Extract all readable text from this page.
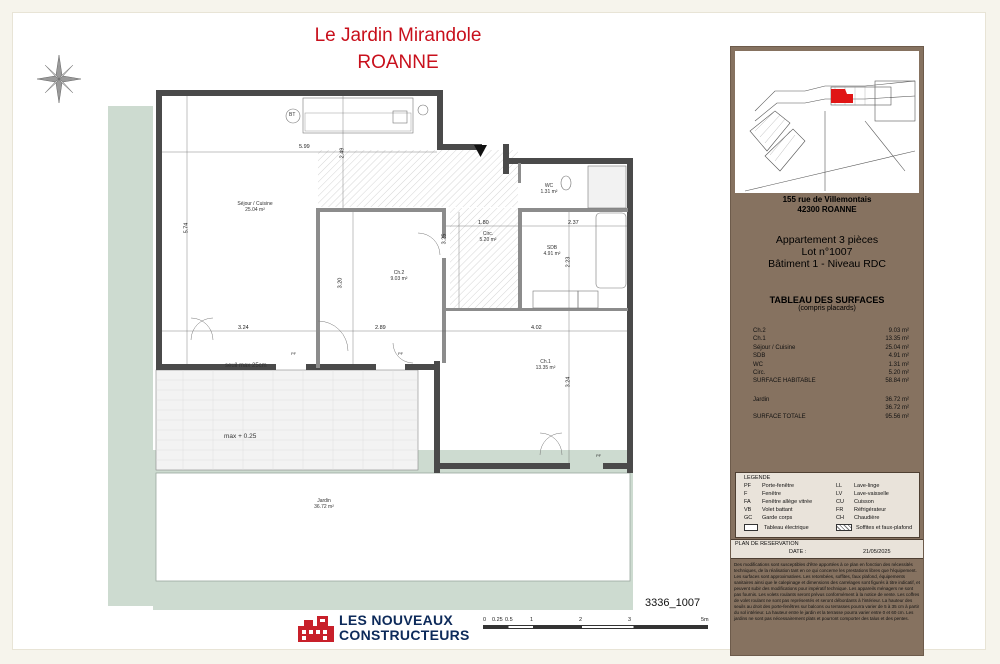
Le Jardin Mirandole
ROANNE
Séjour / Cuisine
25.04 m²
Ch.2
9.03 m²
Circ.
5.20 m²
WC
1.31 m²
SDB
4.91 m²
Ch.1
13.35 m²
Jardin
36.72 m²
5.99
2.49
5.74
3.24	2.89
3.20
3.25
1.80	2.37
2.23
4.02
3.24
seuil max 25cm
max + 0.25
PF	PF
PF
BT
3336_1007
LES NOUVEAUX
CONSTRUCTEURS
0 0.25 0.5	1	2	3	5m
155 rue de Villemontais
42300 ROANNE
Appartement 3 pièces
Lot n°1007
Bâtiment 1 - Niveau RDC
TABLEAU DES SURFACES
(compris placards)
Ch.2	9.03 m²
Ch.1	13.35 m²
Séjour / Cuisine	25.04 m²
SDB	4.91 m²
WC	1.31 m²
Circ.	5.20 m²
SURFACE HABITABLE	58.84 m²
Jardin	36.72 m²
36.72 m²
SURFACE TOTALE	95.56 m²
LEGENDE
PF Porte-fenêtre
F	Fenêtre
FA Fenêtre allège vitrée
VB Volet battant
GC Garde corps
Tableau électrique
LL Lave-linge
LV Lave-vaisselle
CU Cuisson
FR Réfrigérateur
CH Chaudière
Soffites et faux-plafond
PLAN DE RESERVATION
DATE :	21/05/2025
Des modifications sont susceptibles d'être apportées à ce plan en fonction des nécessités techniques, de la réalisation tant en ce qui concerne les prestations libres que l'équipement. Les surfaces sont approximatives. Les retombées, soffites, faux plafond, équipements sanitaires ainsi que le calepinage et dimensions des carrelages sont figurés à titre indicatif, et peuvent subir des modifications pour impératif technique. Les appareils ménagers ne sont pas fournis. Les volets roulants seront prévus conformément à la notice de vente. Les coffres de volet roulant ne sont pas représentés et seront débordants à l'intérieur. La hauteur des seuils au droit des porte-fenêtres sur balcons ou terrasses pourra varier de 5 à 35 cm à partir du sol intérieur. La hauteur entre le jardin et la terrasse pourra varier entre 0 et 60 cm. Les jardins ne sont pas nécessairement plats et pourront comporter des talus et des pentes.
